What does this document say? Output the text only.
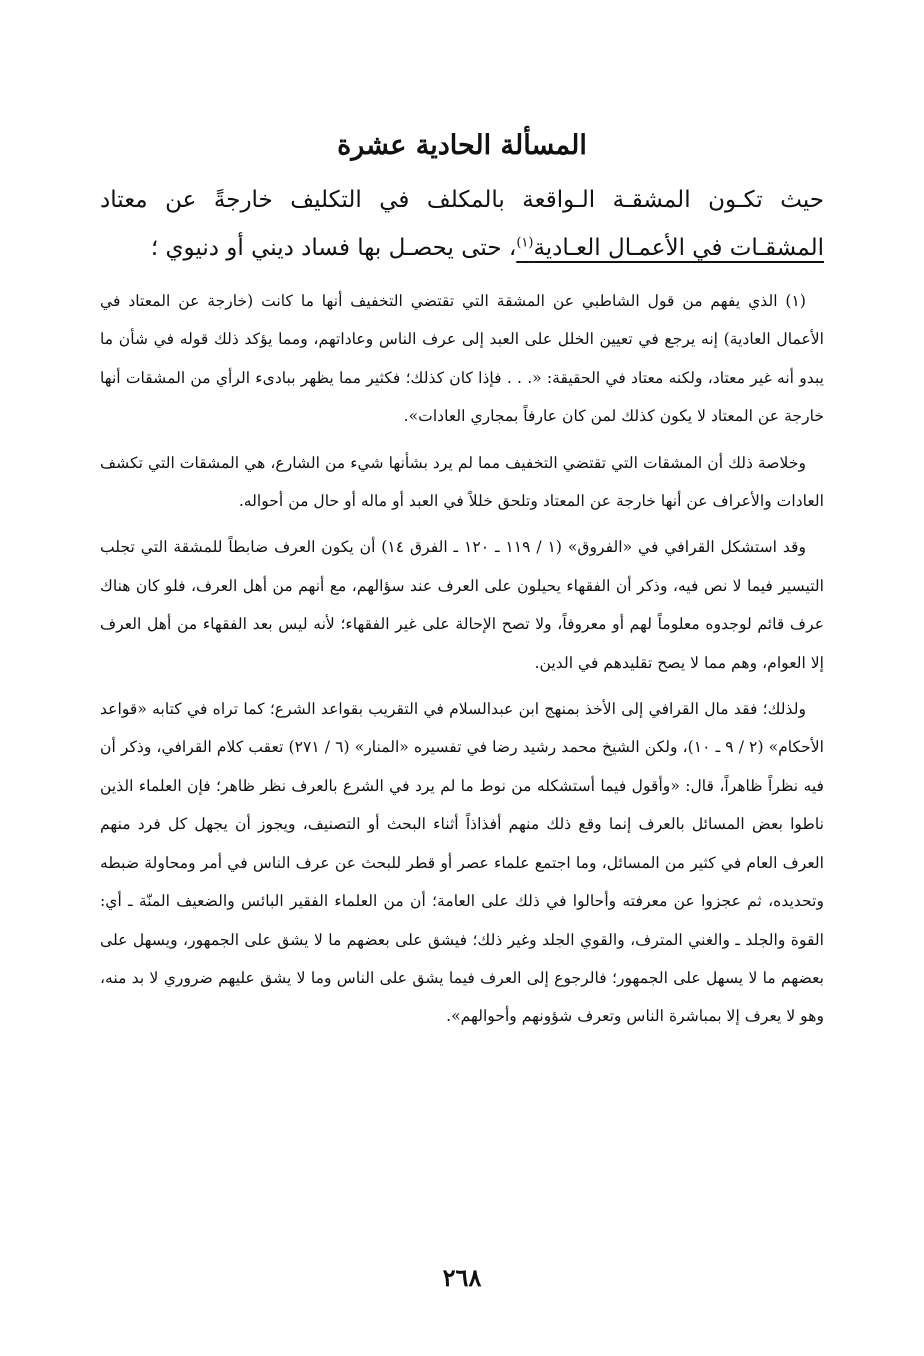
المسألة الحادية عشرة
حيث تكـون المشقـة الـواقعة بالمكلف في التكليف خارجةً عن معتاد المشقـات في الأعمـال العـادية$^{(١)}$، حتى يحصـل بها فساد ديني أو دنيوي ؛

(١) الذي يفهم من قول الشاطبي عن المشقة التي تقتضي التخفيف أنها ما كانت (خارجة عن المعتاد في الأعمال العادية) إنه يرجع في تعيين الخلل على العبد إلى عرف الناس وعاداتهم، ومما يؤكد ذلك قوله في شأن ما يبدو أنه غير معتاد، ولكنه معتاد في الحقيقة: «. . . فإذا كان كذلك؛ فكثير مما يظهر ببادىء الرأي من المشقات أنها خارجة عن المعتاد لا يكون كذلك لمن كان عارفاً بمجاري العادات».

وخلاصة ذلك أن المشقات التي تقتضي التخفيف مما لم يرد بشأنها شيء من الشارع، هي المشقات التي تكشف العادات والأعراف عن أنها خارجة عن المعتاد وتلحق خللاً في العبد أو ماله أو حال من أحواله.

وقد استشكل القرافي في «الفروق» (١ / ١١٩ ـ ١٢٠ ـ الفرق ١٤) أن يكون العرف ضابطاً للمشقة التي تجلب التيسير فيما لا نص فيه، وذكر أن الفقهاء يحيلون على العرف عند سؤالهم، مع أنهم من أهل العرف، فلو كان هناك عرف قائم لوجدوه معلوماً لهم أو معروفاً، ولا تصح الإحالة على غير الفقهاء؛ لأنه ليس بعد الفقهاء من أهل العرف إلا العوام، وهم مما لا يصح تقليدهم في الدين.

ولذلك؛ فقد مال القرافي إلى الأخذ بمنهج ابن عبدالسلام في التقريب بقواعد الشرع؛ كما تراه في كتابه «قواعد الأحكام» (٢ / ٩ ـ ١٠)، ولكن الشيخ محمد رشيد رضا في تفسيره «المنار» (٦ / ٢٧١) تعقب كلام القرافي، وذكر أن فيه نظراً ظاهراً، قال: «وأقول فيما أستشكله من نوط ما لم يرد في الشرع بالعرف نظر ظاهر؛ فإن العلماء الذين ناطوا بعض المسائل بالعرف إنما وقع ذلك منهم أفذاذاً أثناء البحث أو التصنيف، ويجوز أن يجهل كل فرد منهم العرف العام في كثير من المسائل، وما اجتمع علماء عصر أو قطر للبحث عن عرف الناس في أمر ومحاولة ضبطه وتحديده، ثم عجزوا عن معرفته وأحالوا في ذلك على العامة؛ أن من العلماء الفقير البائس والضعيف المنّة ـ أي: القوة والجلد ـ والغني المترف، والقوي الجلد وغير ذلك؛ فيشق على بعضهم ما لا يشق على الجمهور، ويسهل على بعضهم ما لا يسهل على الجمهور؛ فالرجوع إلى العرف فيما يشق على الناس وما لا يشق عليهم ضروري لا بد منه، وهو لا يعرف إلا بمباشرة الناس وتعرف شؤونهم وأحوالهم».

٢٦٨
